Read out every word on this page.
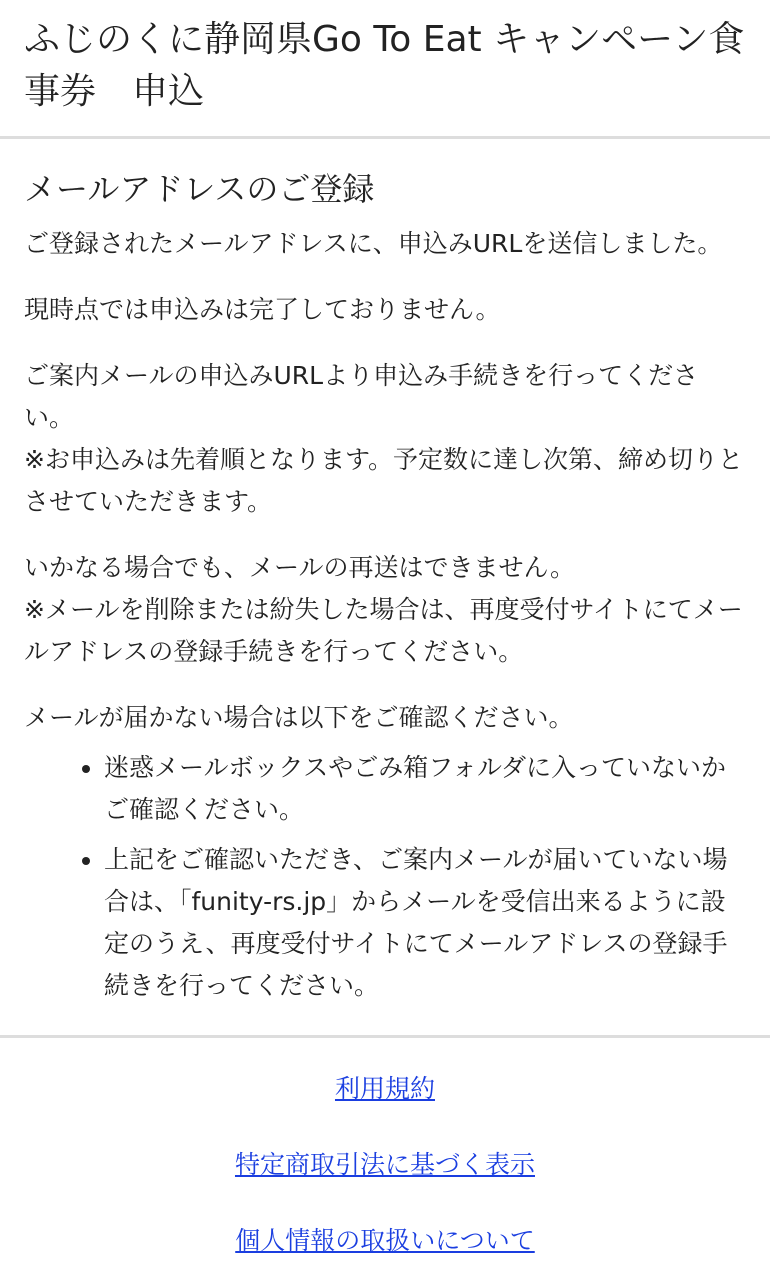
ふじのくに静岡県Go To Eat キャンペーン食事券　申込
メールアドレスのご登録

ご登録されたメールアドレスに、申込みURLを送信しました。

現時点では申込みは完了しておりません。

ご案内メールの申込みURLより申込み手続きを行ってください。
※お申込みは先着順となります。予定数に達し次第、締め切りとさせていただきます。

いかなる場合でも、メールの再送はできません。
※メールを削除または紛失した場合は、再度受付サイトにてメールアドレスの登録手続きを行ってください。

メールが届かない場合は以下をご確認ください。

• 迷惑メールボックスやごみ箱フォルダに入っていないかご確認ください。
• 上記をご確認いただき、ご案内メールが届いていない場合は、「funity-rs.jp」からメールを受信出来るように設定のうえ、再度受付サイトにてメールアドレスの登録手続きを行ってください。
利用規約
特定商取引法に基づく表示
個人情報の取扱いについて
